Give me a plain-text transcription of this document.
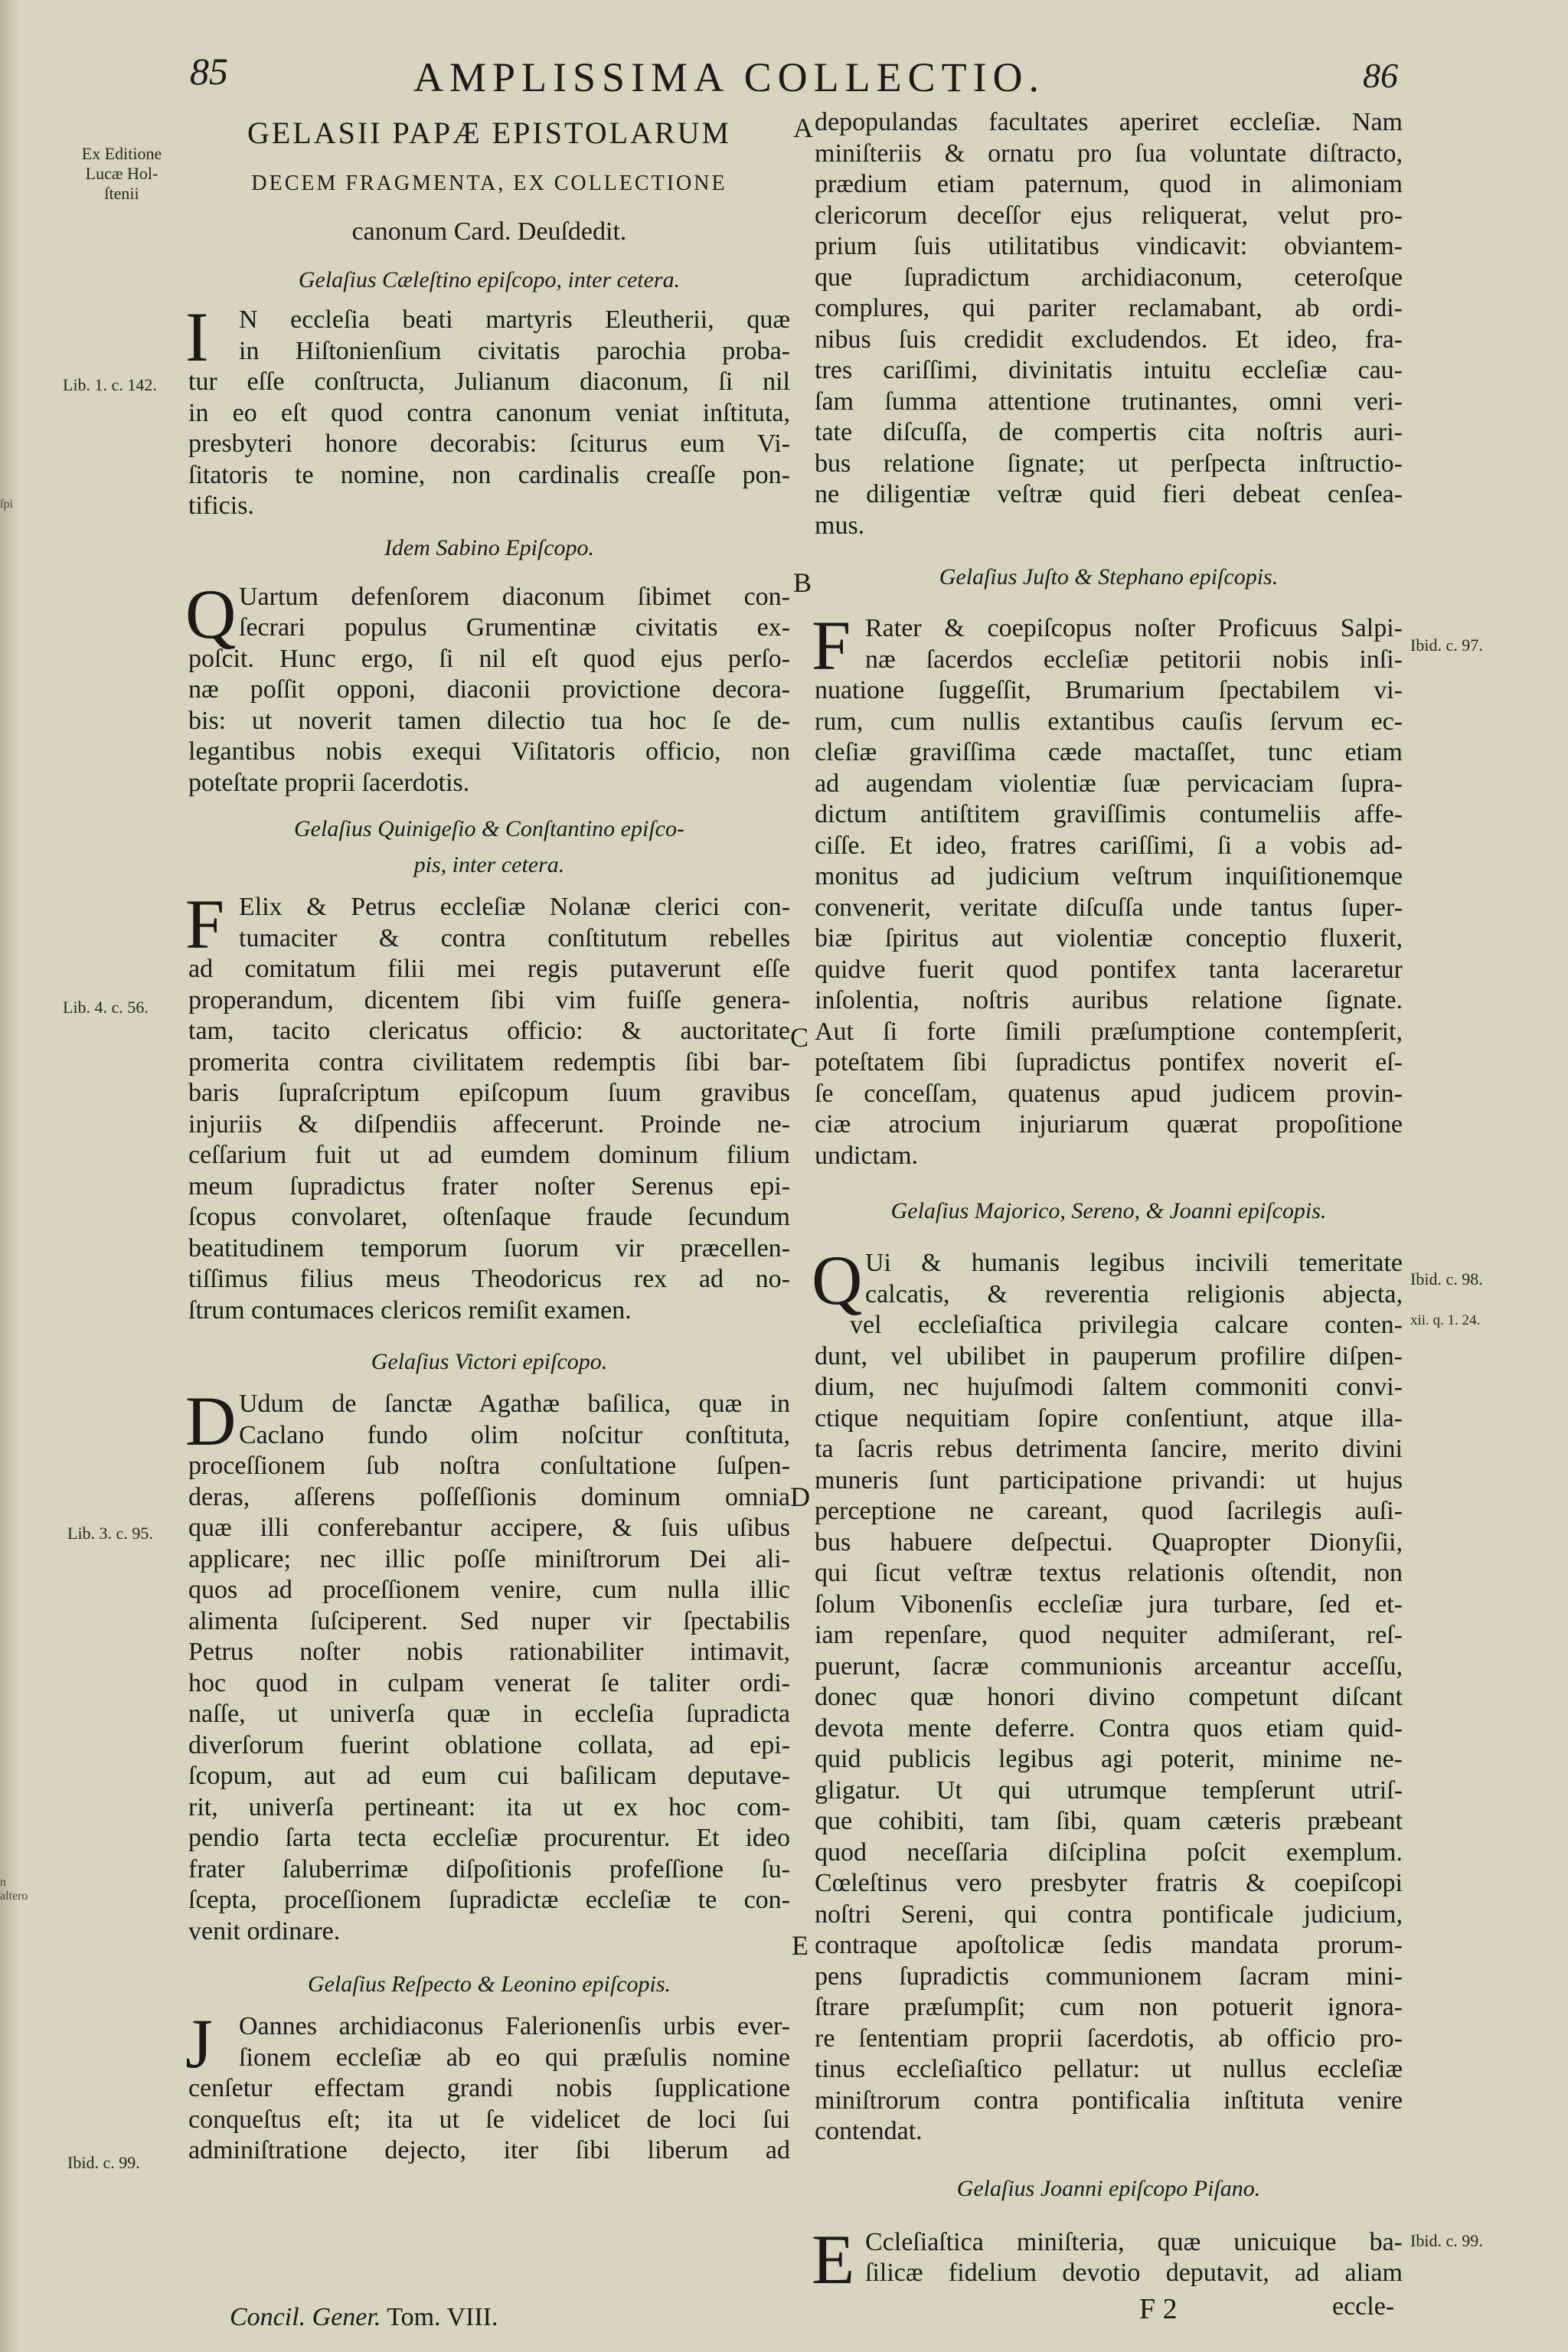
ſpi
n altero
85	AMPLISSIMA COLLECTIO.	86
Ex Editione
Lucæ Hol-
ſtenii
Lib. 1. c. 142.
Lib. 4. c. 56.
Lib. 3. c. 95.
Ibid. c. 99.
Ibid. c. 97.
Ibid. c. 98.
xii. q. 1. 24.
Ibid. c. 99.
A
B
C
D
E
GELASII PAPÆ EPISTOLARUM
DECEM FRAGMENTA, EX COLLECTIONE
canonum Card. Deuſdedit.
Gelaſius Cæleſtino epiſcopo, inter cetera.
I	N eccleſia beati martyris Eleutherii, quæ
in Hiſtonienſium civitatis parochia proba-
tur eſſe conſtructa, Julianum diaconum, ſi nil
in eo eſt quod contra canonum veniat inſtituta,
presbyteri honore decorabis: ſciturus eum Vi-
ſitatoris te nomine, non cardinalis creaſſe pon-
tificis.
Idem Sabino Epiſcopo.
Q Uartum defenſorem diaconum ſibimet con-
ſecrari populus Grumentinæ civitatis ex-
poſcit. Hunc ergo, ſi nil eſt quod ejus perſo-
næ poſſit opponi, diaconii provictione decora-
bis: ut noverit tamen dilectio tua hoc ſe de-
legantibus nobis exequi Viſitatoris officio, non
poteſtate proprii ſacerdotis.
Gelaſius Quinigeſio & Conſtantino epiſco-
pis, inter cetera.
F Elix & Petrus eccleſiæ Nolanæ clerici con-
tumaciter & contra conſtitutum rebelles
ad comitatum filii mei regis putaverunt eſſe
properandum, dicentem ſibi vim fuiſſe genera-
tam, tacito clericatus officio: & auctoritate
promerita contra civilitatem redemptis ſibi bar-
baris ſupraſcriptum epiſcopum ſuum gravibus
injuriis & diſpendiis affecerunt. Proinde ne-
ceſſarium fuit ut ad eumdem dominum filium
meum ſupradictus frater noſter Serenus epi-
ſcopus convolaret, oſtenſaque fraude ſecundum
beatitudinem temporum ſuorum vir præcellen-
tiſſimus filius meus Theodoricus rex ad no-
ſtrum contumaces clericos remiſit examen.
Gelaſius Victori epiſcopo.
D Udum de ſanctæ Agathæ baſilica, quæ in
Caclano fundo olim noſcitur conſtituta,
proceſſionem ſub noſtra conſultatione ſuſpen-
deras, aſſerens poſſeſſionis dominum omnia
quæ illi conferebantur accipere, & ſuis uſibus
applicare; nec illic poſſe miniſtrorum Dei ali-
quos ad proceſſionem venire, cum nulla illic
alimenta ſuſciperent. Sed nuper vir ſpectabilis
Petrus noſter nobis rationabiliter intimavit,
hoc quod in culpam venerat ſe taliter ordi-
naſſe, ut univerſa quæ in eccleſia ſupradicta
diverſorum fuerint oblatione collata, ad epi-
ſcopum, aut ad eum cui baſilicam deputave-
rit, univerſa pertineant: ita ut ex hoc com-
pendio ſarta tecta eccleſiæ procurentur. Et ideo
frater ſaluberrimæ diſpoſitionis profeſſione ſu-
ſcepta, proceſſionem ſupradictæ eccleſiæ te con-
venit ordinare.
Gelaſius Reſpecto & Leonino epiſcopis.
J	Oannes archidiaconus Falerionenſis urbis ever-
ſionem eccleſiæ ab eo qui præſulis nomine
cenſetur effectam grandi nobis ſupplicatione
conqueſtus eſt; ita ut ſe videlicet de loci ſui
adminiſtratione dejecto, iter ſibi liberum ad
depopulandas facultates aperiret eccleſiæ. Nam
miniſteriis & ornatu pro ſua voluntate diſtracto,
prædium etiam paternum, quod in alimoniam
clericorum deceſſor ejus reliquerat, velut pro-
prium ſuis utilitatibus vindicavit: obviantem-
que ſupradictum archidiaconum, ceteroſque
complures, qui pariter reclamabant, ab ordi-
nibus ſuis credidit excludendos. Et ideo, fra-
tres cariſſimi, divinitatis intuitu eccleſiæ cau-
ſam ſumma attentione trutinantes, omni veri-
tate diſcuſſa, de compertis cita noſtris auri-
bus relatione ſignate; ut perſpecta inſtructio-
ne diligentiæ veſtræ quid fieri debeat cenſea-
mus.
Gelaſius Juſto & Stephano epiſcopis.
F Rater & coepiſcopus noſter Proficuus Salpi-
næ ſacerdos eccleſiæ petitorii nobis inſi-
nuatione ſuggeſſit, Brumarium ſpectabilem vi-
rum, cum nullis extantibus cauſis ſervum ec-
cleſiæ graviſſima cæde mactaſſet, tunc etiam
ad augendam violentiæ ſuæ pervicaciam ſupra-
dictum antiſtitem graviſſimis contumeliis affe-
ciſſe. Et ideo, fratres cariſſimi, ſi a vobis ad-
monitus ad judicium veſtrum inquiſitionemque
convenerit, veritate diſcuſſa unde tantus ſuper-
biæ ſpiritus aut violentiæ conceptio fluxerit,
quidve fuerit quod pontifex tanta laceraretur
inſolentia, noſtris auribus relatione ſignate.
Aut ſi forte ſimili præſumptione contempſerit,
poteſtatem ſibi ſupradictus pontifex noverit eſ-
ſe conceſſam, quatenus apud judicem provin-
ciæ atrocium injuriarum quærat propoſitione
undictam.
Gelaſius Majorico, Sereno, & Joanni epiſcopis.
Q Ui & humanis legibus incivili temeritate
calcatis, & reverentia religionis abjecta,
vel eccleſiaſtica privilegia calcare conten-
dunt, vel ubilibet in pauperum profilire diſpen-
dium, nec hujuſmodi ſaltem commoniti convi-
ctique nequitiam ſopire conſentiunt, atque illa-
ta ſacris rebus detrimenta ſancire, merito divini
muneris ſunt participatione privandi: ut hujus
perceptione ne careant, quod ſacrilegis auſi-
bus habuere deſpectui. Quapropter Dionyſii,
qui ſicut veſtræ textus relationis oſtendit, non
ſolum Vibonenſis eccleſiæ jura turbare, ſed et-
iam repenſare, quod nequiter admiſerant, reſ-
puerunt, ſacræ communionis arceantur acceſſu,
donec quæ honori divino competunt diſcant
devota mente deferre. Contra quos etiam quid-
quid publicis legibus agi poterit, minime ne-
gligatur. Ut qui utrumque tempſerunt utriſ-
que cohibiti, tam ſibi, quam cæteris præbeant
quod neceſſaria diſciplina poſcit exemplum.
Cœleſtinus vero presbyter fratris & coepiſcopi
noſtri Sereni, qui contra pontificale judicium,
contraque apoſtolicæ ſedis mandata prorum-
pens ſupradictis communionem ſacram mini-
ſtrare præſumpſit; cum non potuerit ignora-
re ſententiam proprii ſacerdotis, ab officio pro-
tinus eccleſiaſtico pellatur: ut nullus eccleſiæ
miniſtrorum contra pontificalia inſtituta venire
contendat.
Gelaſius Joanni epiſcopo Piſano.
E Ccleſiaſtica miniſteria, quæ unicuique ba-
ſilicæ fidelium devotio deputavit, ad aliam
Concil. Gener. Tom. VIII.	F 2	eccle-
